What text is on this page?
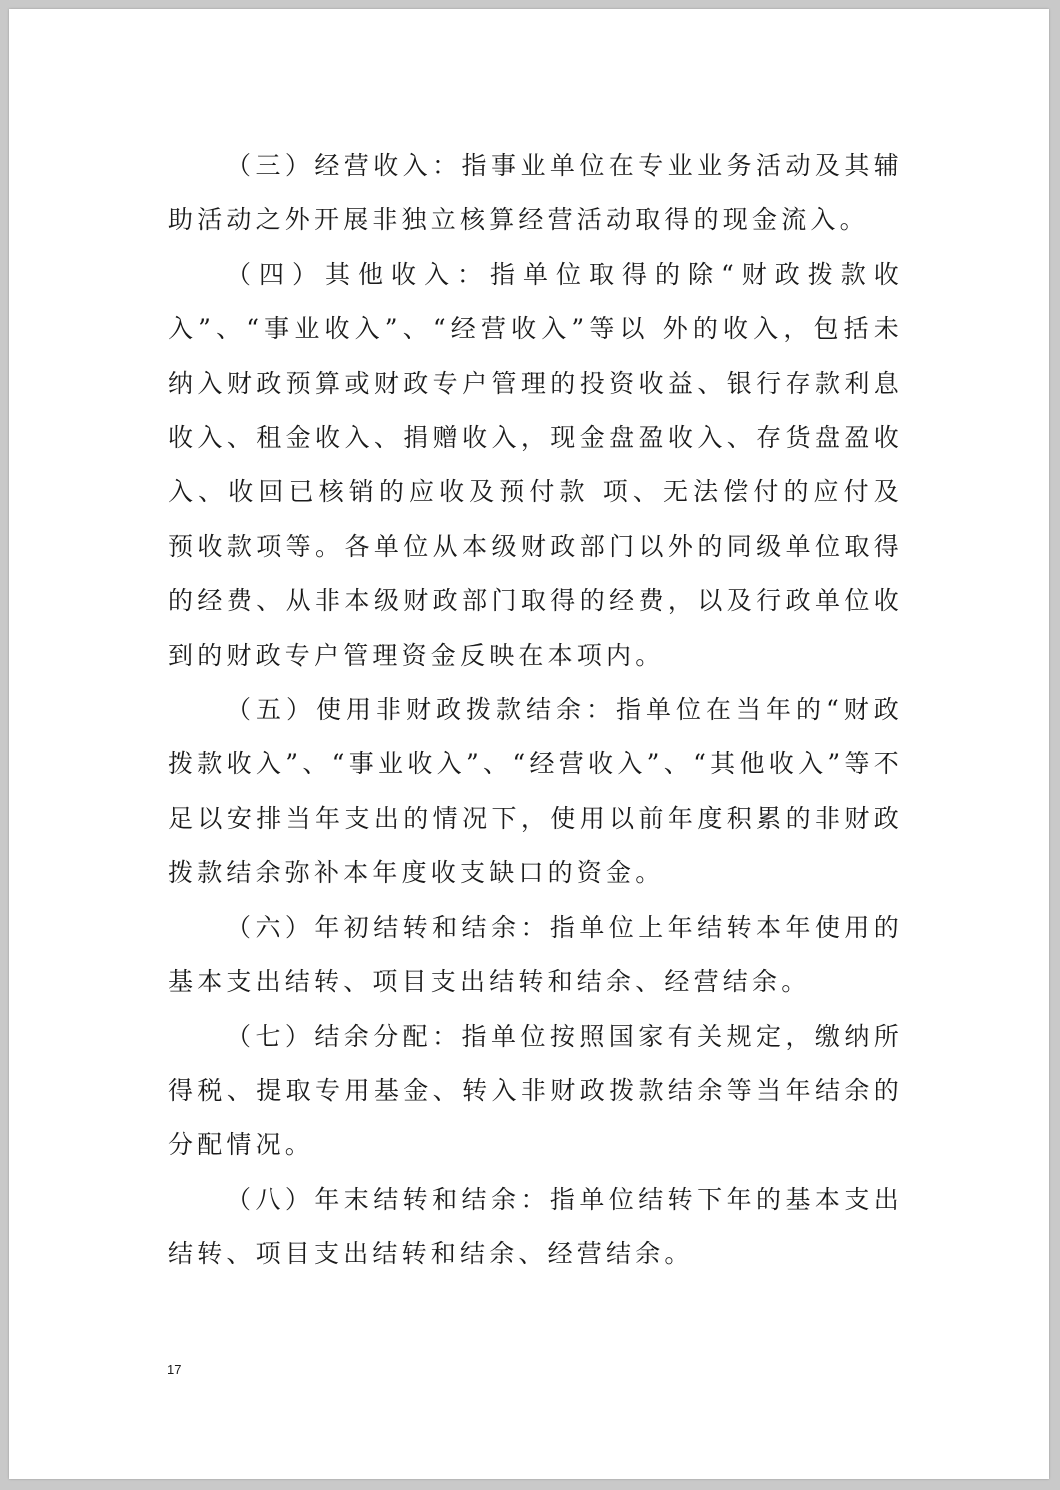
（三）经营收入：指事业单位在专业业务活动及其辅助活动之外开展非独立核算经营活动取得的现金流入。

（四）其他收入：指单位取得的除“财政拨款收入”、“事业收入”、“经营收入”等以 外的收入，包括未纳入财政预算或财政专户管理的投资收益、银行存款利息收入、租金收入、捐赠收入，现金盘盈收入、存货盘盈收入、收回已核销的应收及预付款 项、无法偿付的应付及预收款项等。各单位从本级财政部门以外的同级单位取得的经费、从非本级财政部门取得的经费，以及行政单位收到的财政专户管理资金反映在本项内。

（五）使用非财政拨款结余：指单位在当年的“财政拨款收入”、“事业收入”、“经营收入”、“其他收入”等不足以安排当年支出的情况下，使用以前年度积累的非财政拨款结余弥补本年度收支缺口的资金。

（六）年初结转和结余：指单位上年结转本年使用的基本支出结转、项目支出结转和结余、经营结余。

（七）结余分配：指单位按照国家有关规定，缴纳所得税、提取专用基金、转入非财政拨款结余等当年结余的分配情况。

（八）年末结转和结余：指单位结转下年的基本支出结转、项目支出结转和结余、经营结余。

17
